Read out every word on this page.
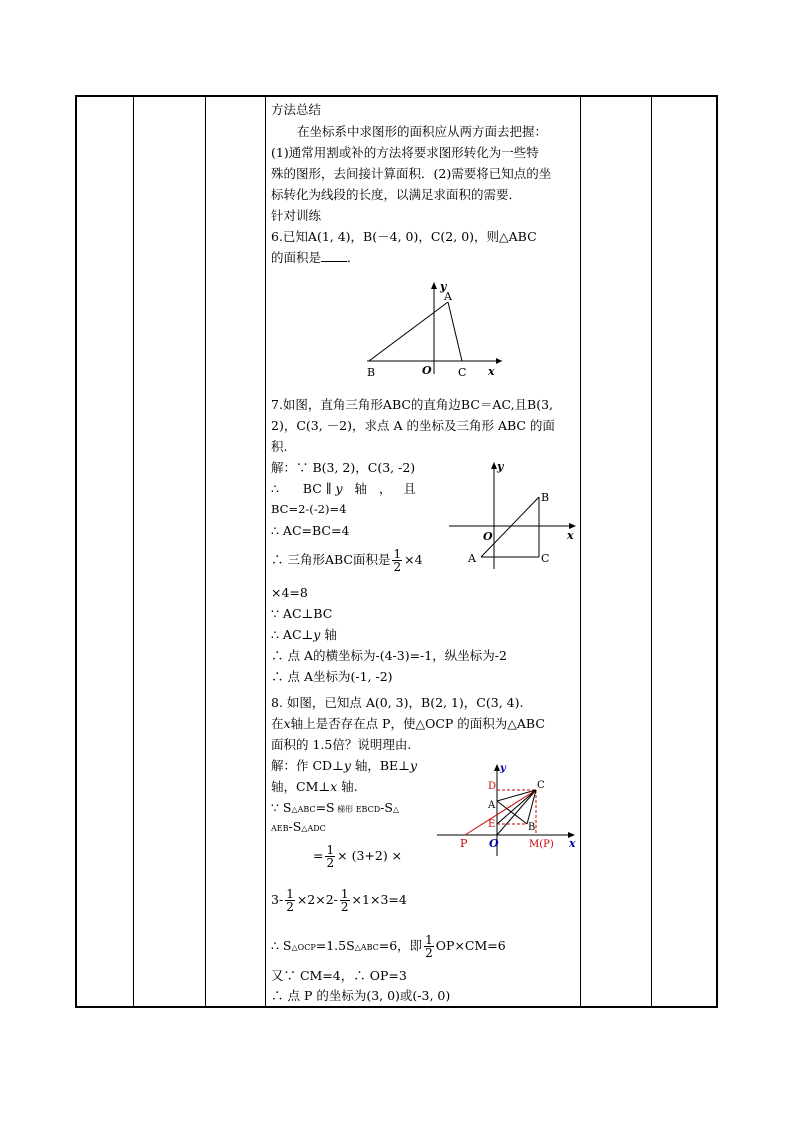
方法总结
在坐标系中求图形的面积应从两方面去把握：
(1)通常用割或补的方法将要求图形转化为一些特
殊的图形，去间接计算面积．(2)需要将已知点的坐
标转化为线段的长度，以满足求面积的需要．
针对训练
6.已知A(1, 4)，B(－4, 0)，C(2, 0)，则△ABC
的面积是 ．
y
x
O
A
B	C
7.如图，直角三角形ABC的直角边BC＝AC,且B(3,
2)，C(3, －2)，求点 A 的坐标及三角形 ABC 的面
积.
解：∵ B(3, 2)，C(3, -2)
∴ BC ∥ y 轴 ， 且
BC=2-(-2)=4
∴ AC=BC=4
∴ 三角形ABC面积是 $\frac{1}{2} \times 4$
×4=8
∵ AC⊥BC
∴ AC⊥y 轴
∴ 点 A的横坐标为-(4-3)=-1，纵坐标为-2
∴ 点 A坐标为(-1, -2)
y
x
O
A
B
C
8. 如图，已知点 A(0, 3)，B(2, 1)，C(3, 4).
在x轴上是否存在点 P，使△OCP 的面积为△ABC
面积的 1.5倍？说明理由.
解：作 CD⊥y 轴，BE⊥y
轴，CM⊥x 轴.
∵ S△ABC=S 梯形 EBCD-S△
AEB-S△ADC
= $\frac{1}{2} \times (3+2)$ ×
$3- \frac{1}{2} \times 2\times 2- \frac{1}{2} \times 1\times 3=4$
∴ S△OCP=1.5S△ABC=6，即 $\frac{1}{2} OP\times CM=6$
又∵ CM=4，∴ OP=3
∴ 点 P 的坐标为(3, 0)或(-3, 0)
y
x
O
A
B
C
D
E
P	M(P)
